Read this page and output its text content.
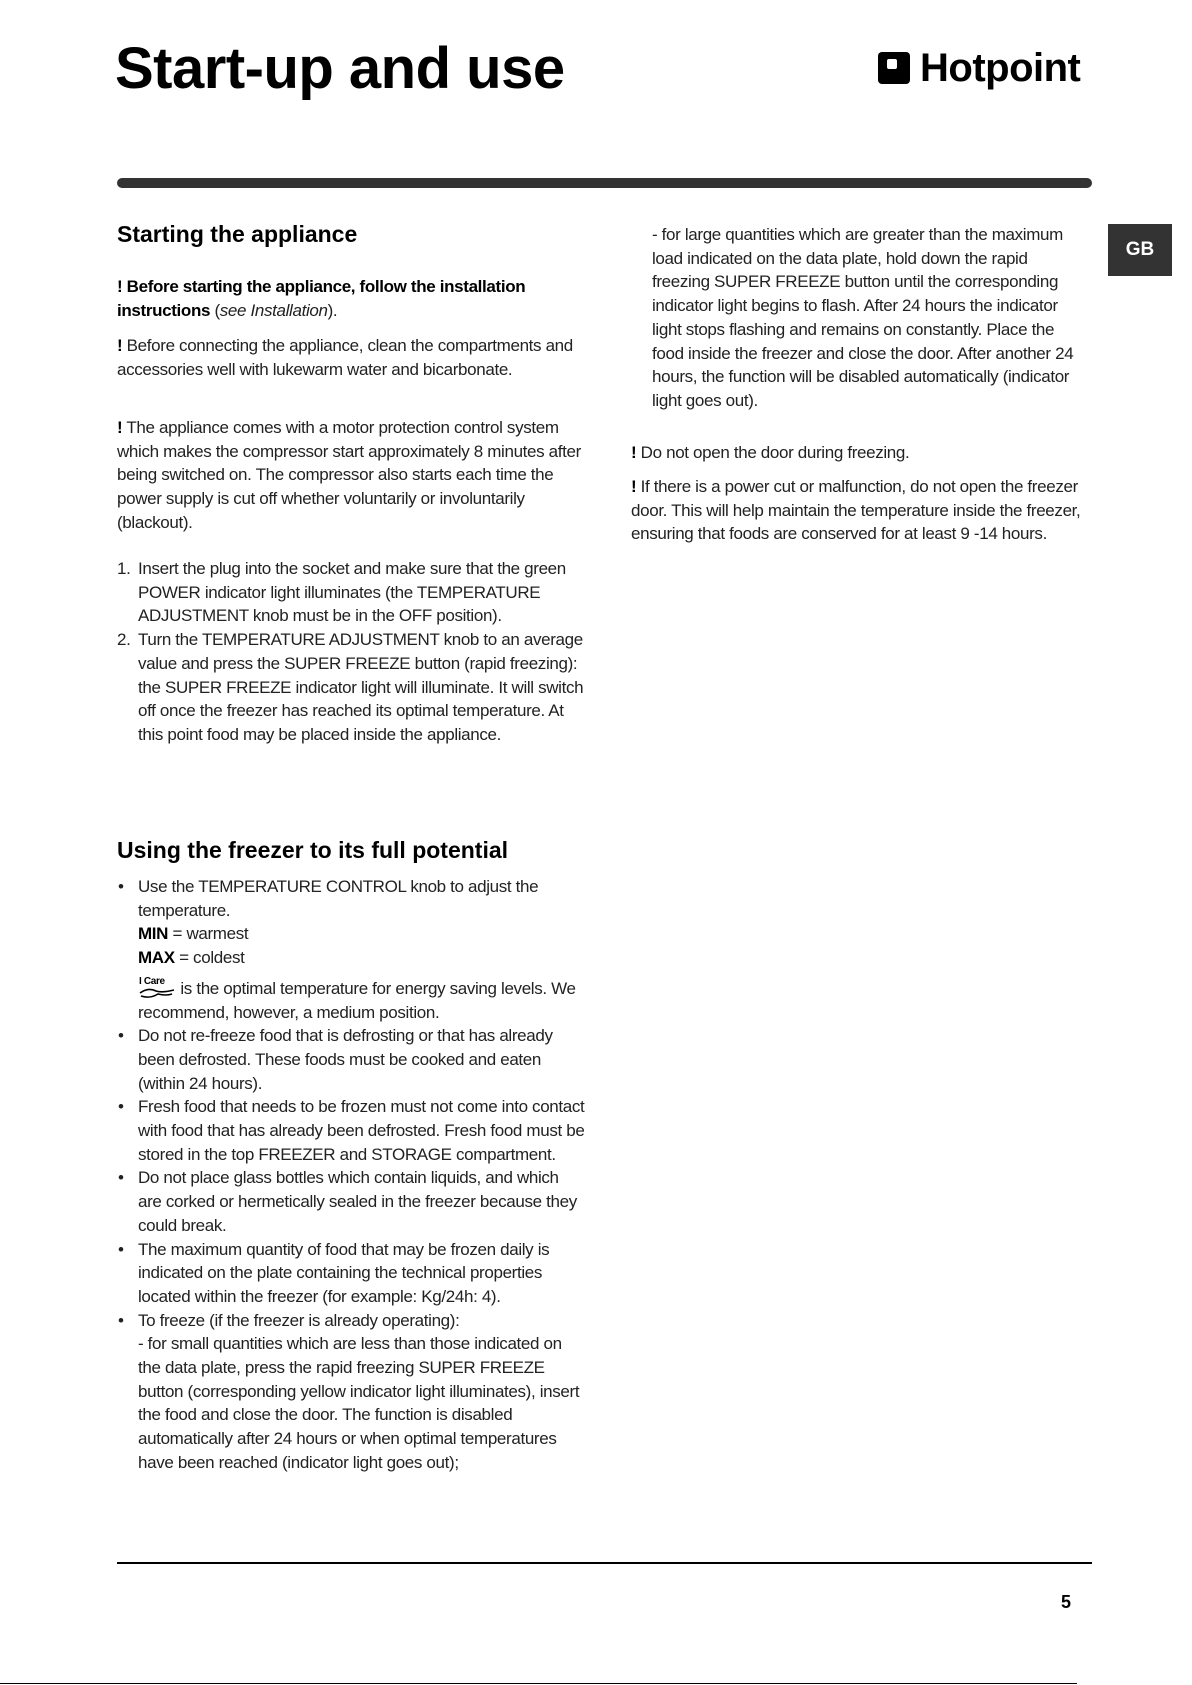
Start-up and use	Hotpoint
GB
Starting the appliance

! Before starting the appliance, follow the installation instructions (see Installation).

! Before connecting the appliance, clean the compartments and accessories well with lukewarm water and bicarbonate.

! The appliance comes with a motor protection control system which makes the compressor start approximately 8 minutes after being switched on. The compressor also starts each time the power supply is cut off whether voluntarily or involuntarily (blackout).

1. Insert the plug into the socket and make sure that the green POWER indicator light illuminates (the TEMPERATURE ADJUSTMENT knob must be in the OFF position).
2. Turn the TEMPERATURE ADJUSTMENT knob to an average value and press the SUPER FREEZE button (rapid freezing): the SUPER FREEZE indicator light will illuminate. It will switch off once the freezer has reached its optimal temperature. At this point food may be placed inside the appliance.
Using the freezer to its full potential
• Use the TEMPERATURE CONTROL knob to adjust the temperature.
MIN = warmest
MAX = coldest

I Care is the optimal temperature for energy saving levels. We recommend, however, a medium position.
• Do not re-freeze food that is defrosting or that has already been defrosted. These foods must be cooked and eaten (within 24 hours).
• Fresh food that needs to be frozen must not come into contact with food that has already been defrosted. Fresh food must be stored in the top FREEZER and STORAGE compartment.
• Do not place glass bottles which contain liquids, and which are corked or hermetically sealed in the freezer because they could break.
• The maximum quantity of food that may be frozen daily is indicated on the plate containing the technical properties located within the freezer (for example: Kg/24h: 4).
• To freeze (if the freezer is already operating):
- for small quantities which are less than those indicated on the data plate, press the rapid freezing SUPER FREEZE button (corresponding yellow indicator light illuminates), insert the food and close the door. The function is disabled automatically after 24 hours or when optimal temperatures have been reached (indicator light goes out);

- for large quantities which are greater than the maximum load indicated on the data plate, hold down the rapid freezing SUPER FREEZE button until the corresponding indicator light begins to flash. After 24 hours the indicator light stops flashing and remains on constantly. Place the food inside the freezer and close the door. After another 24 hours, the function will be disabled automatically (indicator light goes out).

! Do not open the door during freezing.

! If there is a power cut or malfunction, do not open the freezer door. This will help maintain the temperature inside the freezer, ensuring that foods are conserved for at least 9 -14 hours.

5
